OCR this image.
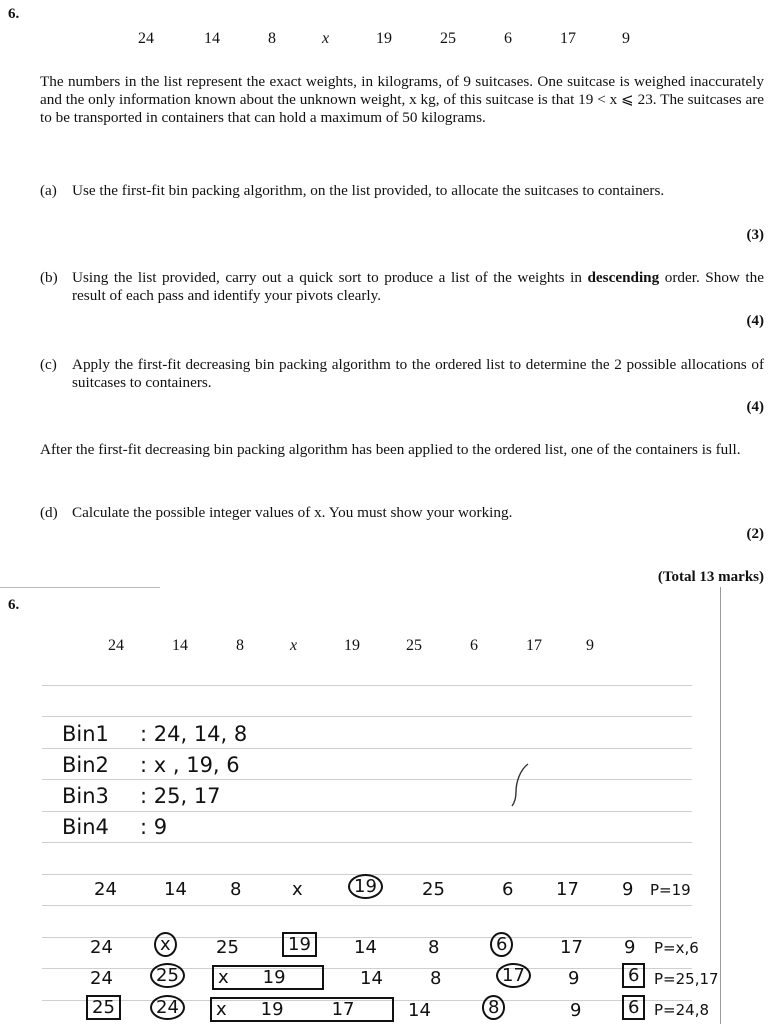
6.
24	14	8	x	19	25	6	17	9
The numbers in the list represent the exact weights, in kilograms, of 9 suitcases. One suitcase is weighed inaccurately and the only information known about the unknown weight, x kg, of this suitcase is that 19 < x ⩽ 23. The suitcases are to be transported in containers that can hold a maximum of 50 kilograms.
(a) Use the first-fit bin packing algorithm, on the list provided, to allocate the suitcases to containers.
(3)
(b) Using the list provided, carry out a quick sort to produce a list of the weights in descending order. Show the result of each pass and identify your pivots clearly.
(4)
(c) Apply the first-fit decreasing bin packing algorithm to the ordered list to determine the 2 possible allocations of suitcases to containers.
(4)
After the first-fit decreasing bin packing algorithm has been applied to the ordered list, one of the containers is full.
(d) Calculate the possible integer values of x. You must show your working.
(2)
(Total 13 marks)
6.
24	14	8	x	19	25	6	17	9
Bin1 : 24, 14, 8
Bin2 : x , 19, 6
Bin3 : 25, 17
Bin4 : 9
24	14 8	x	19	25	6 17 9 P=19
24	x	25	19	14	8	6	17 9 P=x,6
24	25	x 19	14	8	17	9	6 P=25,17
25	24	x 19	17	14	8	9	6 P=24,8
